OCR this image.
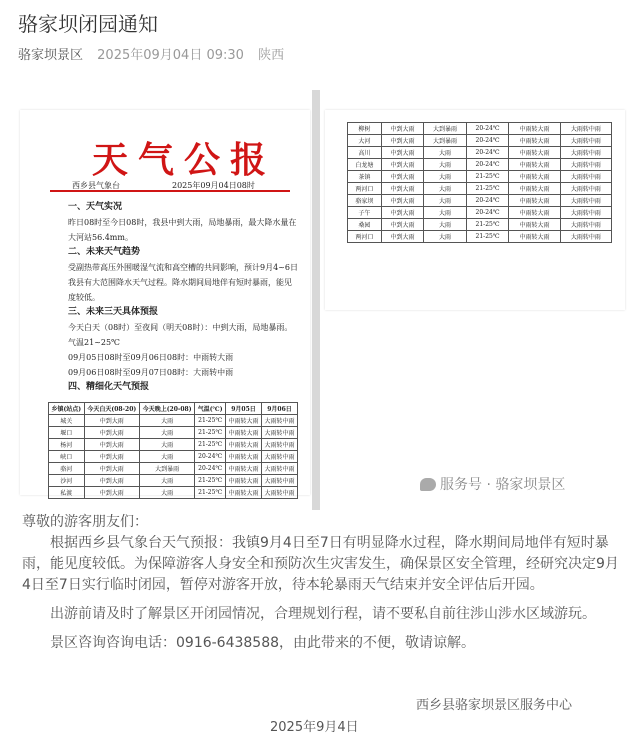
骆家坝闭园通知
骆家坝景区 2025年09月04日 09:30 陕西
天气公报
西乡县气象台	2025年09月04日08时
一、天气实况
昨日08时至今日08时，我县中到大雨，局地暴雨，最大降水量在大河站56.4mm。
二、未来天气趋势
受副热带高压外围暖湿气流和高空槽的共同影响，预计9月4~6日我县有大范围降水天气过程。降水期间局地伴有短时暴雨，能见度较低。
三、未来三天具体预报
今天白天（08时）至夜间（明天08时）：中到大雨，局地暴雨。气温21~25℃
09月05日08时至09月06日08时：中雨转大雨
09月06日08时至09月07日08时：大雨转中雨
四、精细化天气预报
乡镇(站点)	今天白天(08-20)	今天晚上(20-08)	气温(℃)	9月05日	9月06日
城关	中到大雨	大雨	21-25℃	中雨转大雨	大雨转中雨
堰口	中到大雨	大雨	21-25℃	中雨转大雨	大雨转中雨
杨河	中到大雨	大雨	21-25℃	中雨转大雨	大雨转中雨
峡口	中到大雨	大雨	20-24℃	中雨转大雨	大雨转中雨
骆河	中到大雨	大到暴雨	20-24℃	中雨转大雨	大雨转中雨
沙河	中到大雨	大雨	21-25℃	中雨转大雨	大雨转中雨
私渡	中到大雨	大雨	21-25℃	中雨转大雨	大雨转中雨
柳树	中到大雨	大到暴雨	20-24℃	中雨转大雨	大雨转中雨
大河	中到大雨	大到暴雨	20-24℃	中雨转大雨	大雨转中雨
高川	中到大雨	大雨	20-24℃	中雨转大雨	大雨转中雨
白龙塘	中到大雨	大雨	20-24℃	中雨转大雨	大雨转中雨
茶镇	中到大雨	大雨	21-25℃	中雨转大雨	大雨转中雨
两河口	中到大雨	大雨	21-25℃	中雨转大雨	大雨转中雨
骆家坝	中到大雨	大雨	20-24℃	中雨转大雨	大雨转中雨
子午	中到大雨	大雨	20-24℃	中雨转大雨	大雨转中雨
桑园	中到大雨	大雨	21-25℃	中雨转大雨	大雨转中雨
两河口	中到大雨	大雨	21-25℃	中雨转大雨	大雨转中雨
服务号 · 骆家坝景区

尊敬的游客朋友们：

根据西乡县气象台天气预报：我镇9月4日至7日有明显降水过程，降水期间局地伴有短时暴雨，能见度较低。为保障游客人身安全和预防次生灾害发生，确保景区安全管理，经研究决定9月4日至7日实行临时闭园，暂停对游客开放，待本轮暴雨天气结束并安全评估后开园。

出游前请及时了解景区开闭园情况，合理规划行程，请不要私自前往涉山涉水区域游玩。

景区咨询咨询电话：0916-6438588，由此带来的不便，敬请谅解。

西乡县骆家坝景区服务中心
2025年9月4日
